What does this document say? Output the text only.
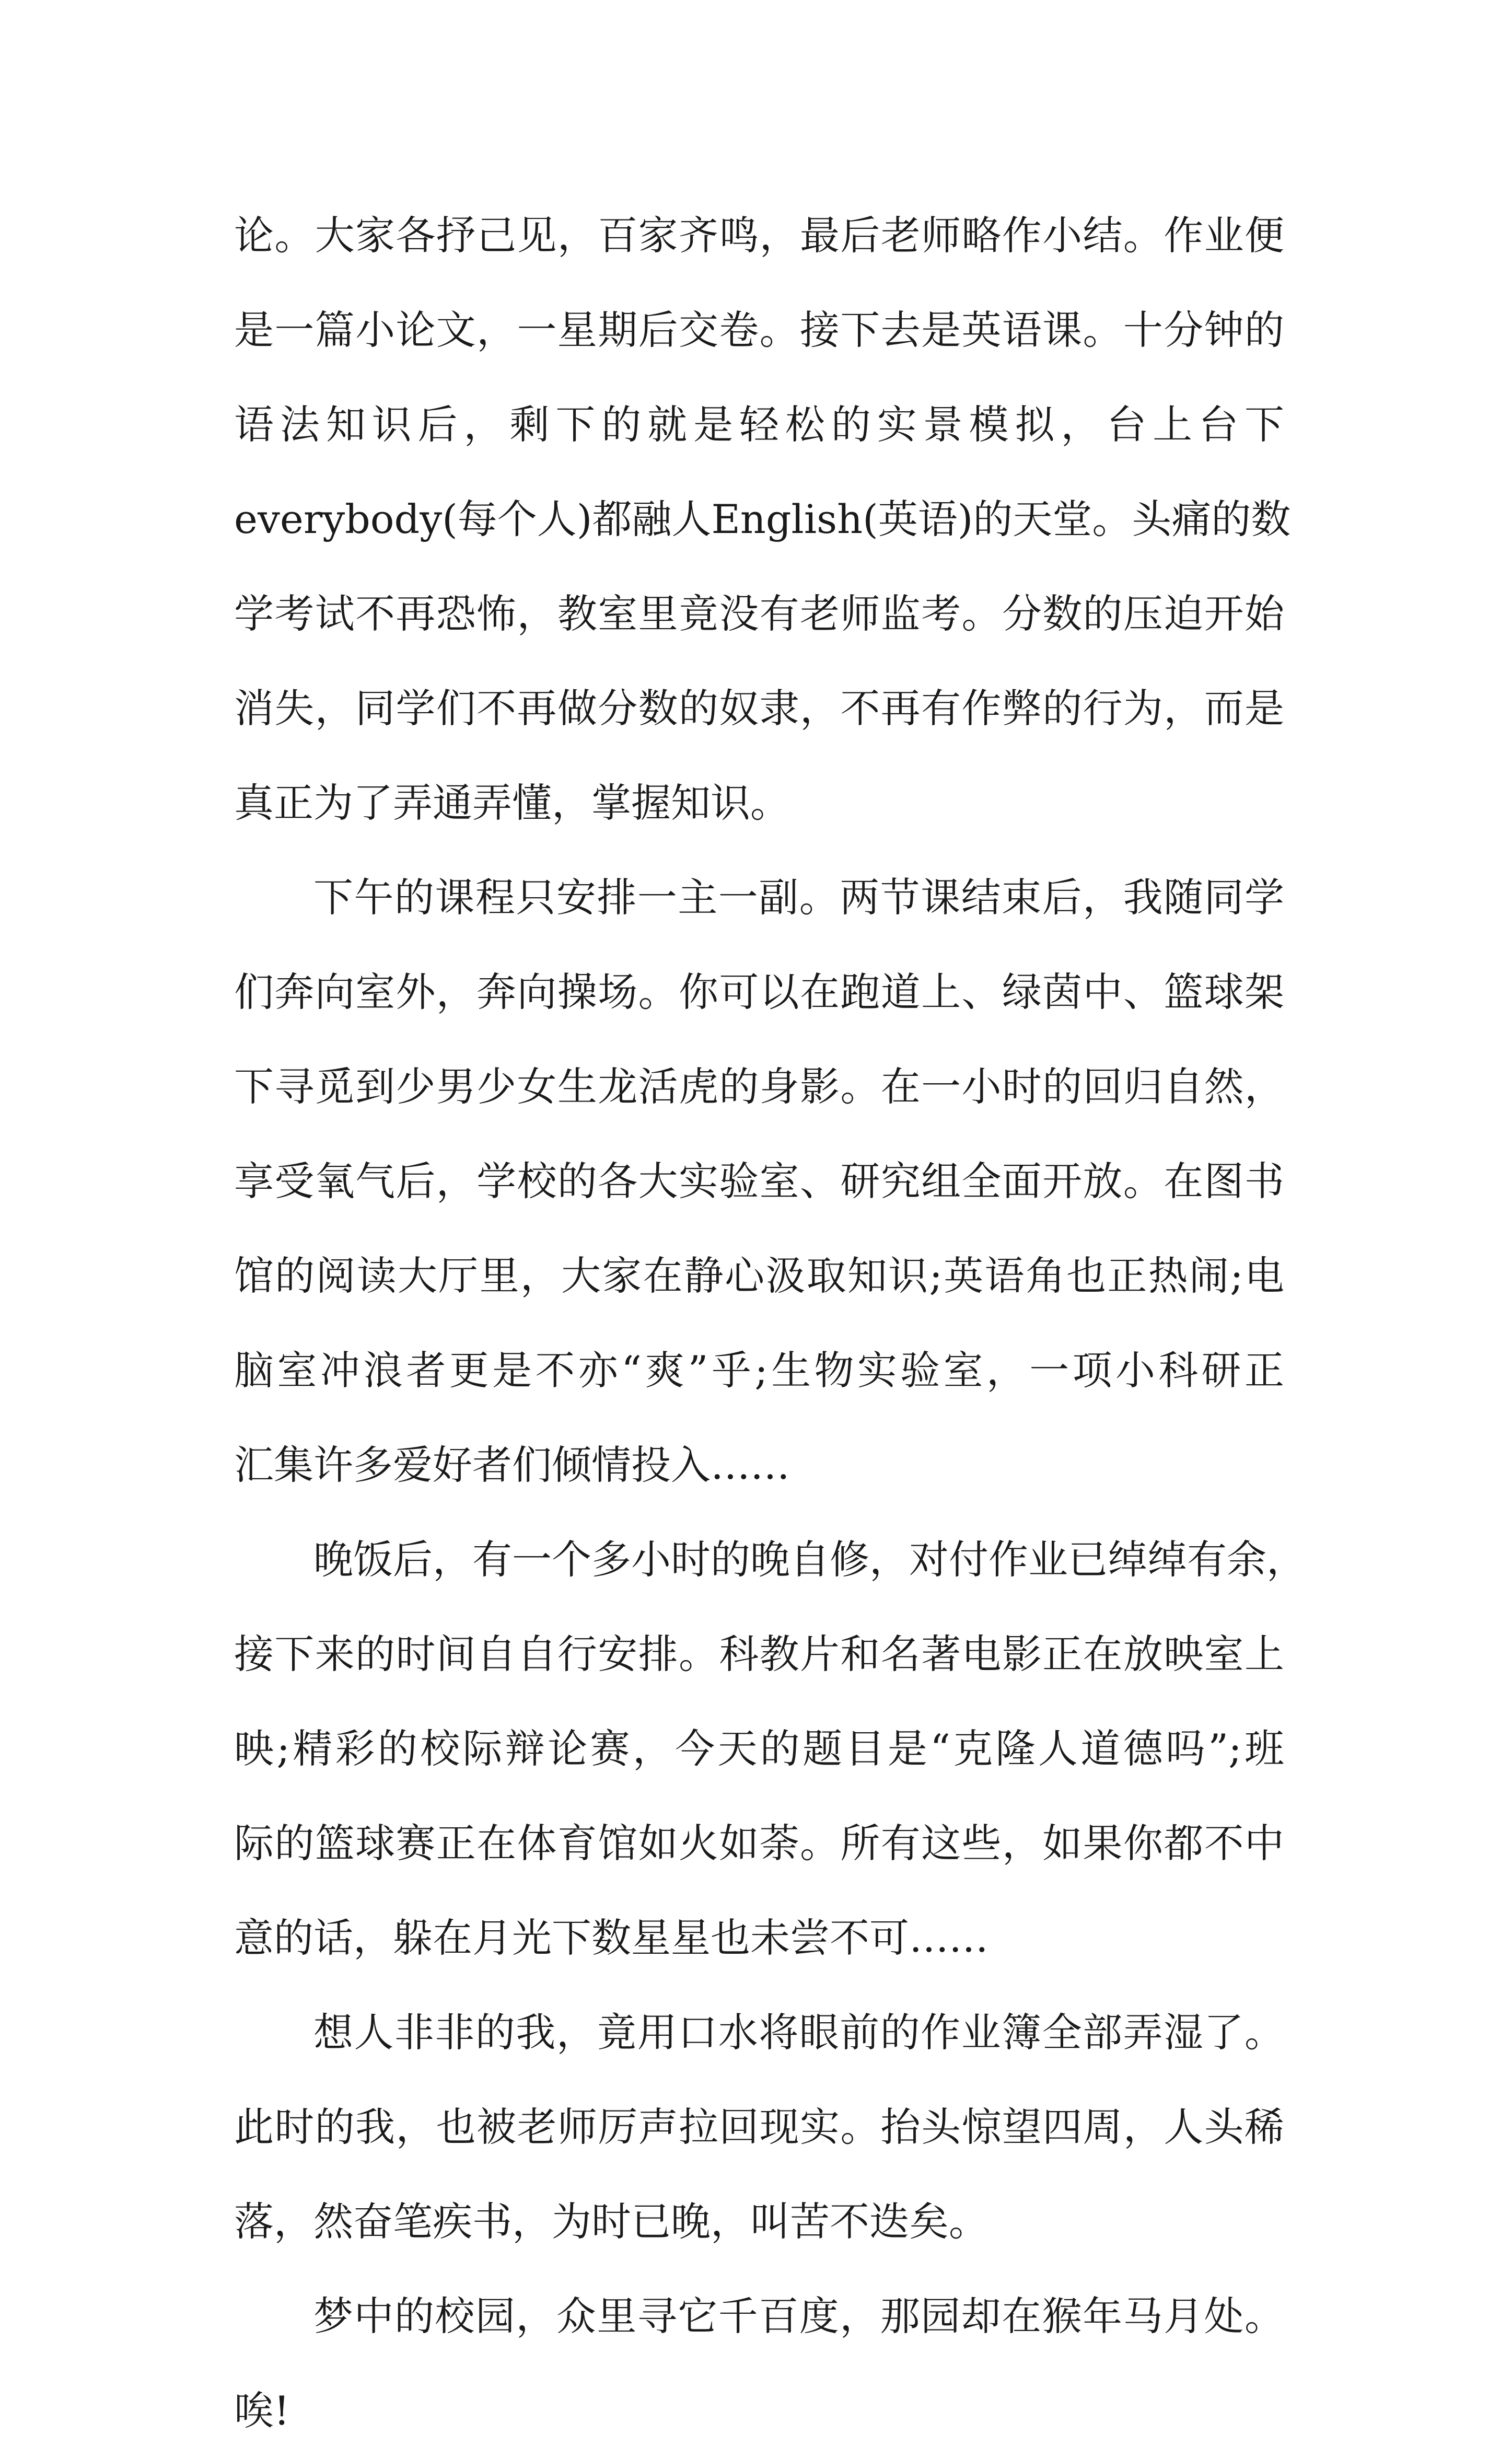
论。大家各抒己见，百家齐鸣，最后老师略作小结。作业便
是一篇小论文，一星期后交卷。接下去是英语课。十分钟的
语法知识后，剩下的就是轻松的实景模拟，台上台下
everybody(每个人)都融人English(英语)的天堂。头痛的数
学考试不再恐怖，教室里竟没有老师监考。分数的压迫开始
消失，同学们不再做分数的奴隶，不再有作弊的行为，而是
真正为了弄通弄懂，掌握知识。
下午的课程只安排一主一副。两节课结束后，我随同学
们奔向室外，奔向操场。你可以在跑道上、绿茵中、篮球架
下寻觅到少男少女生龙活虎的身影。在一小时的回归自然，
享受氧气后，学校的各大实验室、研究组全面开放。在图书
馆的阅读大厅里，大家在静心汲取知识;英语角也正热闹;电
脑室冲浪者更是不亦“爽”乎;生物实验室，一项小科研正
汇集许多爱好者们倾情投入……
晚饭后，有一个多小时的晚自修，对付作业已绰绰有余，
接下来的时间自自行安排。科教片和名著电影正在放映室上
映;精彩的校际辩论赛，今天的题目是“克隆人道德吗”;班
际的篮球赛正在体育馆如火如荼。所有这些，如果你都不中
意的话，躲在月光下数星星也未尝不可……
想人非非的我，竟用口水将眼前的作业簿全部弄湿了。
此时的我，也被老师厉声拉回现实。抬头惊望四周，人头稀
落，然奋笔疾书，为时已晚，叫苦不迭矣。
梦中的校园，众里寻它千百度，那园却在猴年马月处。
唉!
